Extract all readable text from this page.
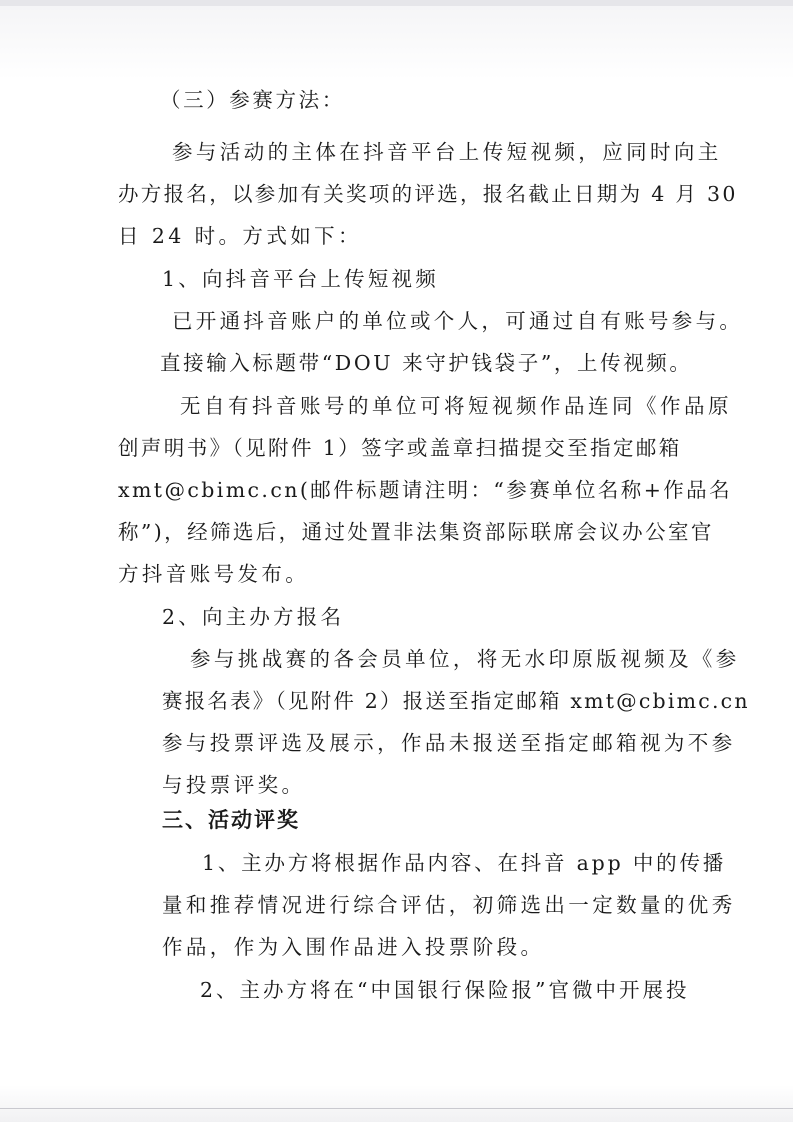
（三）参赛方法：
参与活动的主体在抖音平台上传短视频，应同时向主
办方报名，以参加有关奖项的评选，报名截止日期为 4 月 30
日 24 时。方式如下：
1、向抖音平台上传短视频
已开通抖音账户的单位或个人，可通过自有账号参与。
直接输入标题带“DOU 来守护钱袋子”，上传视频。
无自有抖音账号的单位可将短视频作品连同《作品原
创声明书》（见附件 1）签字或盖章扫描提交至指定邮箱
xmt@cbimc.cn(邮件标题请注明：“参赛单位名称+作品名
称”)，经筛选后，通过处置非法集资部际联席会议办公室官
方抖音账号发布。
2、向主办方报名
参与挑战赛的各会员单位，将无水印原版视频及《参
赛报名表》（见附件 2）报送至指定邮箱 xmt@cbimc.cn
参与投票评选及展示，作品未报送至指定邮箱视为不参
与投票评奖。
三、活动评奖
1、主办方将根据作品内容、在抖音 app 中的传播
量和推荐情况进行综合评估，初筛选出一定数量的优秀
作品，作为入围作品进入投票阶段。
2、主办方将在“中国银行保险报”官微中开展投
